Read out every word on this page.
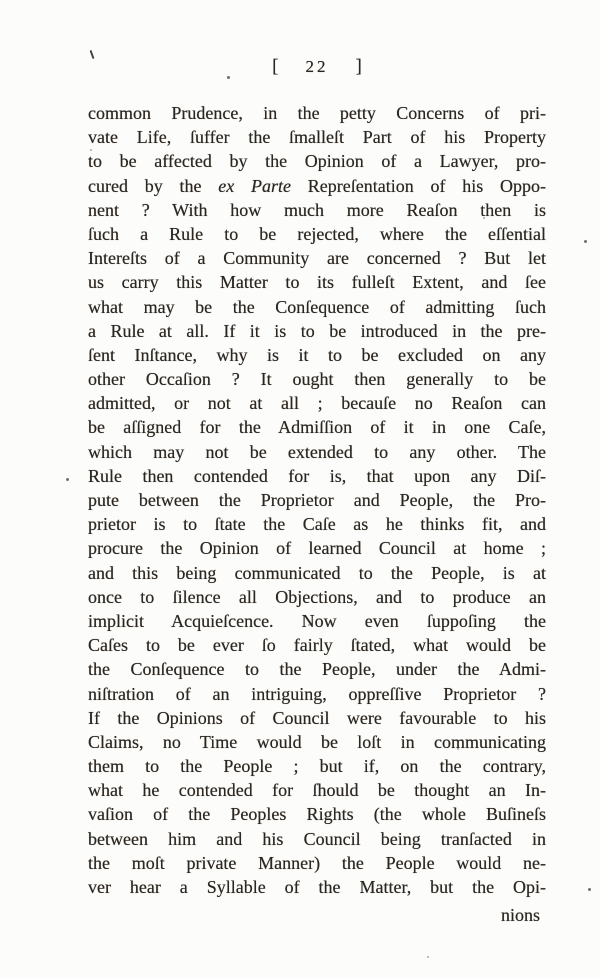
[ 22 ]
common Prudence, in the petty Concerns of pri-
vate Life, ſuffer the ſmalleſt Part of his Property
to be affected by the Opinion of a Lawyer, pro-
cured by the ex Parte Repreſentation of his Oppo-
nent ? With how much more Reaſon then is
ſuch a Rule to be rejected, where the eſſential
Intereſts of a Community are concerned ? But let
us carry this Matter to its fulleſt Extent, and ſee
what may be the Conſequence of admitting ſuch
a Rule at all. If it is to be introduced in the pre-
ſent Inſtance, why is it to be excluded on any
other Occaſion ? It ought then generally to be
admitted, or not at all ; becauſe no Reaſon can
be aſſigned for the Admiſſion of it in one Caſe,
which may not be extended to any other. The
Rule then contended for is, that upon any Diſ-
pute between the Proprietor and People, the Pro-
prietor is to ſtate the Caſe as he thinks fit, and
procure the Opinion of learned Council at home ;
and this being communicated to the People, is at
once to ſilence all Objections, and to produce an
implicit Acquieſcence. Now even ſuppoſing the
Caſes to be ever ſo fairly ſtated, what would be
the Conſequence to the People, under the Admi-
niſtration of an intriguing, oppreſſive Proprietor ?
If the Opinions of Council were favourable to his
Claims, no Time would be loſt in communicating
them to the People ; but if, on the contrary,
what he contended for ſhould be thought an In-
vaſion of the Peoples Rights (the whole Buſineſs
between him and his Council being tranſacted in
the moſt private Manner) the People would ne-
ver hear a Syllable of the Matter, but the Opi-
nions
